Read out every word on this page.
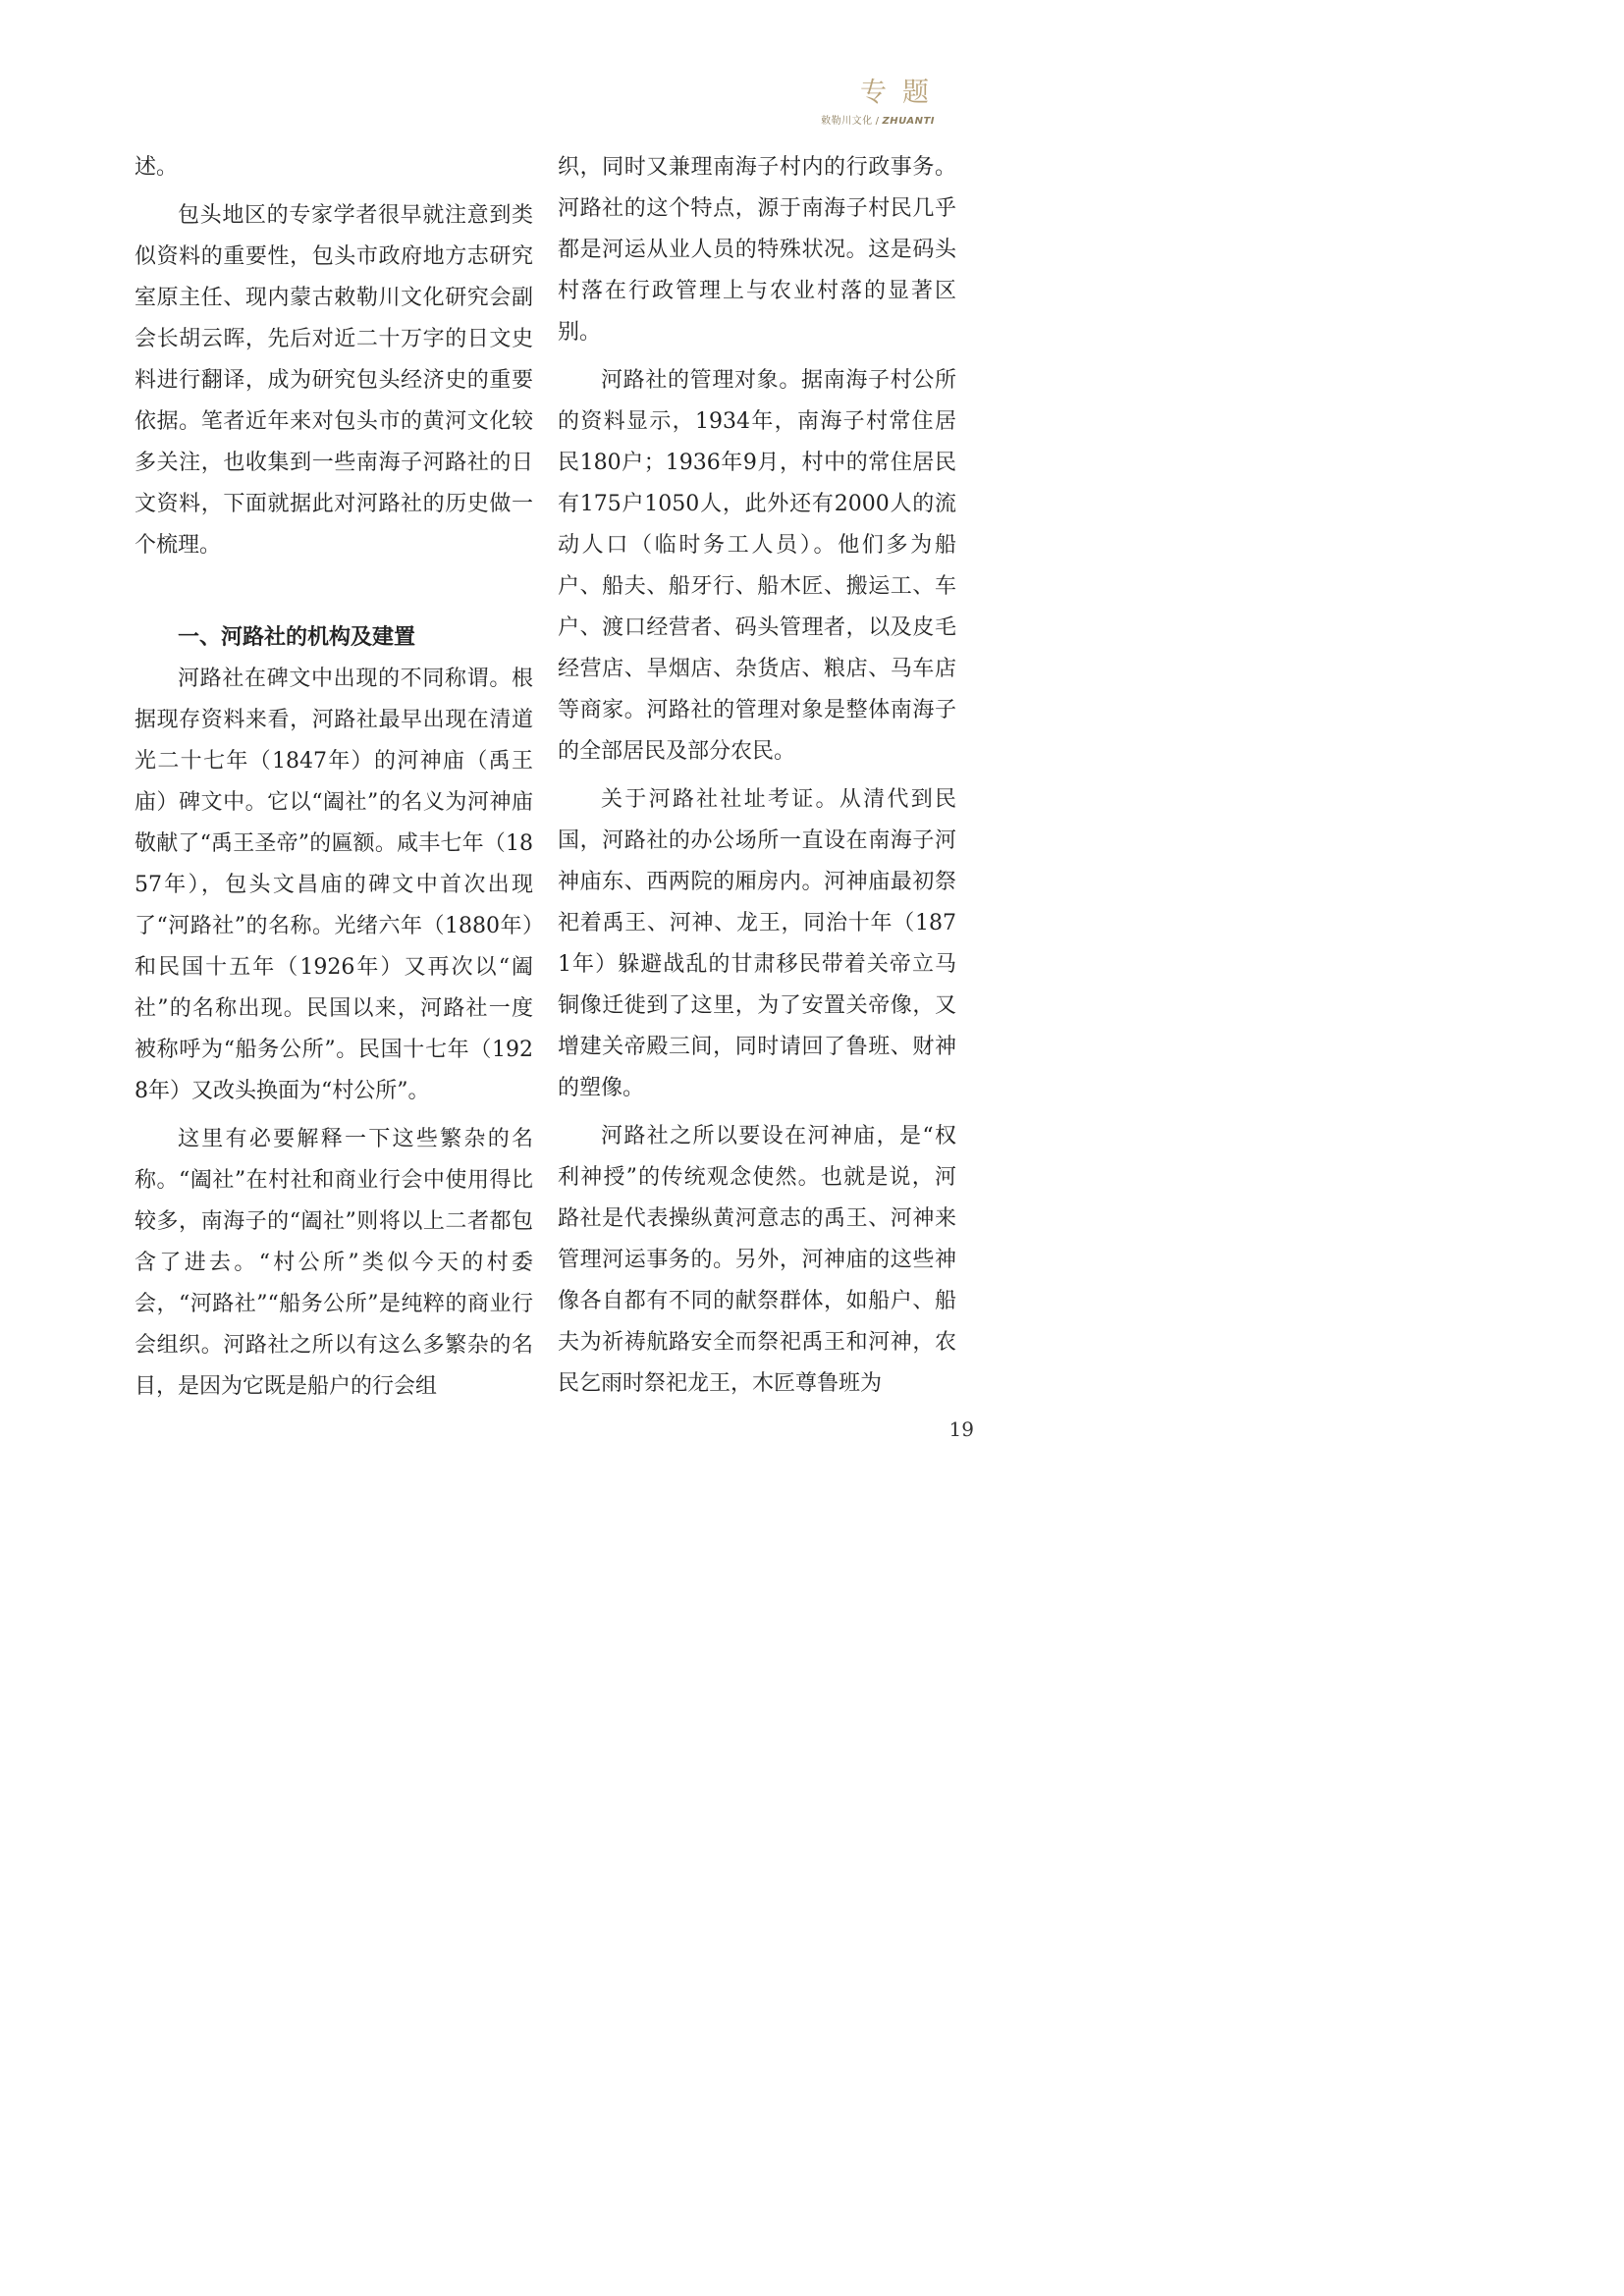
专题
敕勒川文化 / ZHUANTI

述。

包头地区的专家学者很早就注意到类似资料的重要性，包头市政府地方志研究室原主任、现内蒙古敕勒川文化研究会副会长胡云晖，先后对近二十万字的日文史料进行翻译，成为研究包头经济史的重要依据。笔者近年来对包头市的黄河文化较多关注，也收集到一些南海子河路社的日文资料，下面就据此对河路社的历史做一个梳理。

一、河路社的机构及建置

河路社在碑文中出现的不同称谓。根据现存资料来看，河路社最早出现在清道光二十七年（1847年）的河神庙（禹王庙）碑文中。它以“阖社”的名义为河神庙敬献了“禹王圣帝”的匾额。咸丰七年（1857年），包头文昌庙的碑文中首次出现了“河路社”的名称。光绪六年（1880年）和民国十五年（1926年）又再次以“阖社”的名称出现。民国以来，河路社一度被称呼为“船务公所”。民国十七年（1928年）又改头换面为“村公所”。

这里有必要解释一下这些繁杂的名称。“阖社”在村社和商业行会中使用得比较多，南海子的“阖社”则将以上二者都包含了进去。“村公所”类似今天的村委会，“河路社”“船务公所”是纯粹的商业行会组织。河路社之所以有这么多繁杂的名目，是因为它既是船户的行会组

织，同时又兼理南海子村内的行政事务。河路社的这个特点，源于南海子村民几乎都是河运从业人员的特殊状况。这是码头村落在行政管理上与农业村落的显著区别。

河路社的管理对象。据南海子村公所的资料显示，1934年，南海子村常住居民180户；1936年9月，村中的常住居民有175户1050人，此外还有2000人的流动人口（临时务工人员）。他们多为船户、船夫、船牙行、船木匠、搬运工、车户、渡口经营者、码头管理者，以及皮毛经营店、旱烟店、杂货店、粮店、马车店等商家。河路社的管理对象是整体南海子的全部居民及部分农民。

关于河路社社址考证。从清代到民国，河路社的办公场所一直设在南海子河神庙东、西两院的厢房内。河神庙最初祭祀着禹王、河神、龙王，同治十年（1871年）躲避战乱的甘肃移民带着关帝立马铜像迁徙到了这里，为了安置关帝像，又增建关帝殿三间，同时请回了鲁班、财神的塑像。

河路社之所以要设在河神庙，是“权利神授”的传统观念使然。也就是说，河路社是代表操纵黄河意志的禹王、河神来管理河运事务的。另外，河神庙的这些神像各自都有不同的献祭群体，如船户、船夫为祈祷航路安全而祭祀禹王和河神，农民乞雨时祭祀龙王，木匠尊鲁班为

19
